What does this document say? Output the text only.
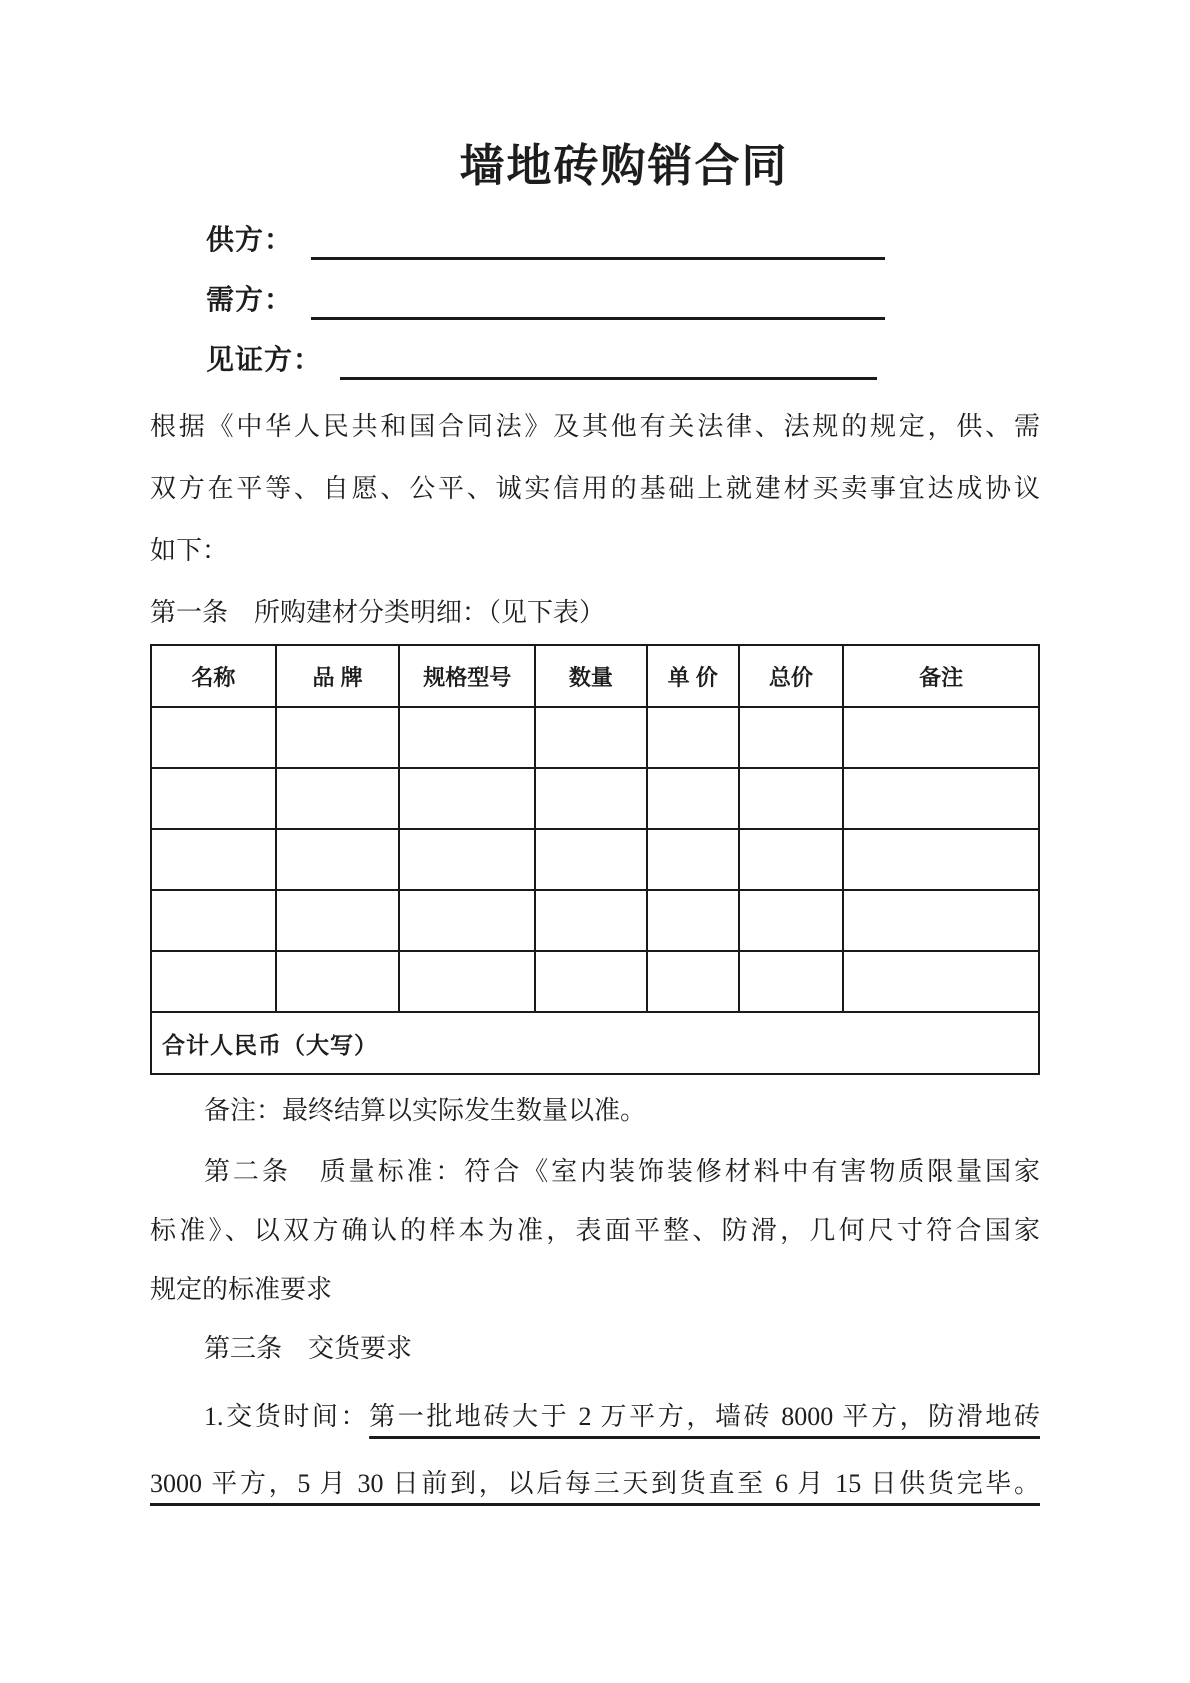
墙地砖购销合同
供方：
需方：
见证方：

根据《中华人民共和国合同法》及其他有关法律、法规的规定，供、需

双方在平等、自愿、公平、诚实信用的基础上就建材买卖事宜达成协议

如下：

第一条　所购建材分类明细：（见下表）

名称	品 牌	规格型号	数量	单 价	总价	备注

合计人民币（大写）						

备注：最终结算以实际发生数量以准。

第二条　质量标准：符合《室内装饰装修材料中有害物质限量国家

标准》、以双方确认的样本为准，表面平整、防滑，几何尺寸符合国家

规定的标准要求

第三条　交货要求

1.交货时间：第一批地砖大于 2 万平方，墙砖 8000 平方，防滑地砖

3000 平方，5 月 30 日前到，以后每三天到货直至 6 月 15 日供货完毕。
